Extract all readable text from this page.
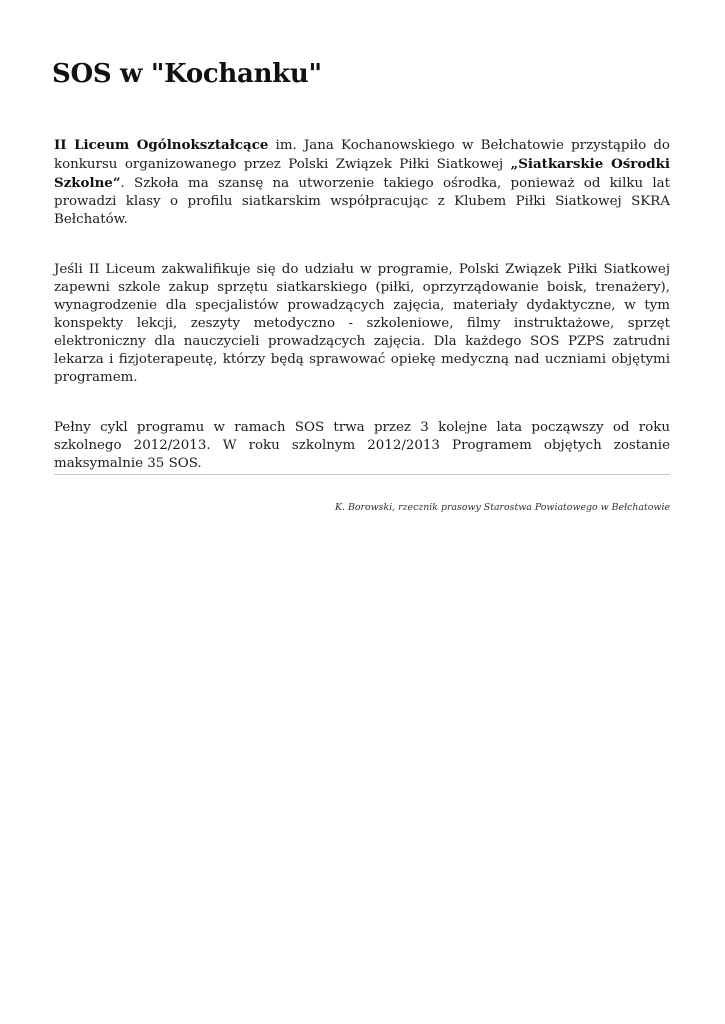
SOS w "Kochanku"

II Liceum Ogólnokształcące im. Jana Kochanowskiego w Bełchatowie przystąpiło do konkursu organizowanego przez Polski Związek Piłki Siatkowej „Siatkarskie Ośrodki Szkolne”. Szkoła ma szansę na utworzenie takiego ośrodka, ponieważ od kilku lat prowadzi klasy o profilu siatkarskim współpracując z Klubem Piłki Siatkowej SKRA Bełchatów.

Jeśli II Liceum zakwalifikuje się do udziału w programie, Polski Związek Piłki Siatkowej zapewni szkole zakup sprzętu siatkarskiego (piłki, oprzyrządowanie boisk, trenażery), wynagrodzenie dla specjalistów prowadzących zajęcia, materiały dydaktyczne, w tym konspekty lekcji, zeszyty metodyczno - szkoleniowe, filmy instruktażowe, sprzęt elektroniczny dla nauczycieli prowadzących zajęcia. Dla każdego SOS PZPS zatrudni lekarza i fizjoterapeutę, którzy będą sprawować opiekę medyczną nad uczniami objętymi programem.

Pełny cykl programu w ramach SOS trwa przez 3 kolejne lata począwszy od roku szkolnego 2012/2013. W roku szkolnym 2012/2013 Programem objętych zostanie maksymalnie 35 SOS.

K. Borowski, rzecznik prasowy Starostwa Powiatowego w Bełchatowie
